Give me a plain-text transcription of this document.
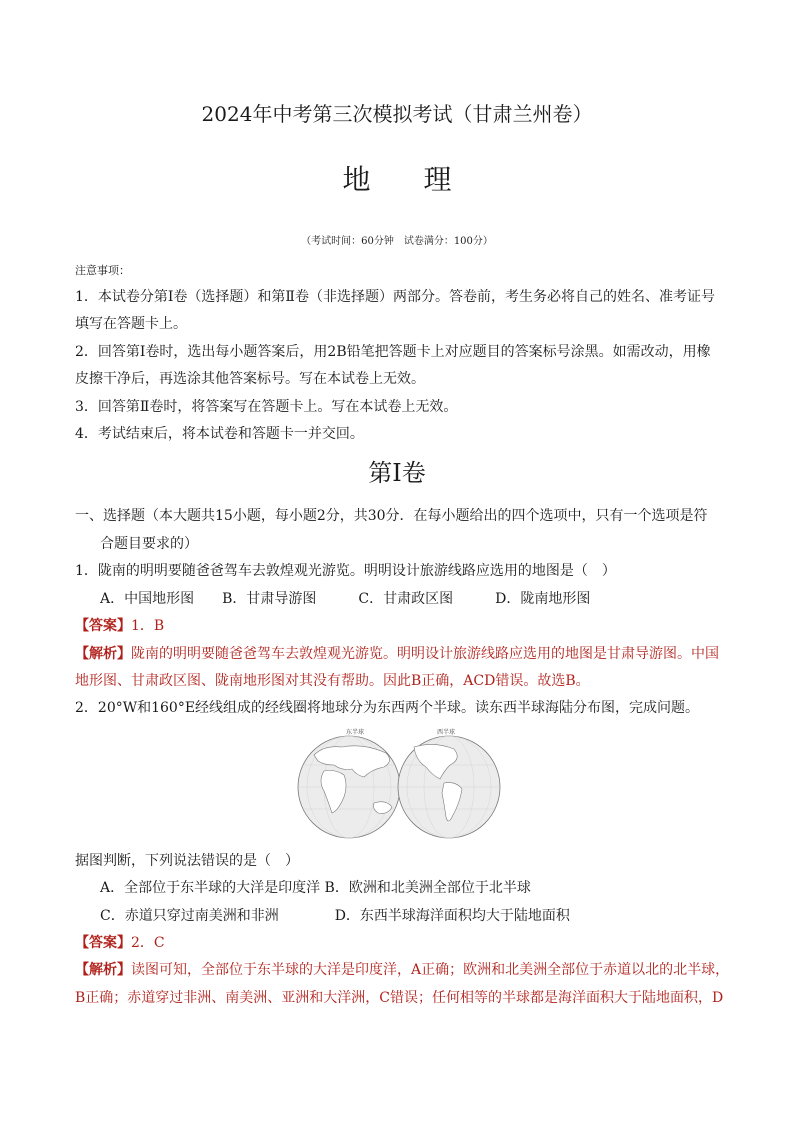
2024年中考第三次模拟考试（甘肃兰州卷）
地 理
（考试时间：60分钟　试卷满分：100分）
注意事项：
1．本试卷分第Ⅰ卷（选择题）和第Ⅱ卷（非选择题）两部分。答卷前，考生务必将自己的姓名、准考证号
填写在答题卡上。
2．回答第Ⅰ卷时，选出每小题答案后，用2B铅笔把答题卡上对应题目的答案标号涂黑。如需改动，用橡
皮擦干净后，再选涂其他答案标号。写在本试卷上无效。
3．回答第Ⅱ卷时，将答案写在答题卡上。写在本试卷上无效。
4．考试结束后，将本试卷和答题卡一并交回。
第Ⅰ卷
一、选择题（本大题共15小题，每小题2分，共30分．在每小题给出的四个选项中，只有一个选项是符
合题目要求的）
1．陇南的明明要随爸爸驾车去敦煌观光游览。明明设计旅游线路应选用的地图是（　）
A．中国地形图　　B．甘肃导游图　　　C．甘肃政区图　　　D．陇南地形图
【答案】1．B
【解析】陇南的明明要随爸爸驾车去敦煌观光游览。明明设计旅游线路应选用的地图是甘肃导游图。中国
地形图、甘肃政区图、陇南地形图对其没有帮助。因此B正确，ACD错误。故选B。
2．20°W和160°E经线组成的经线圈将地球分为东西两个半球。读东西半球海陆分布图，完成问题。
东半球	西半球
据图判断，下列说法错误的是（　）
A．全部位于东半球的大洋是印度洋 B．欧洲和北美洲全部位于北半球
C．赤道只穿过南美洲和非洲　　　　D．东西半球海洋面积均大于陆地面积
【答案】2．C
【解析】读图可知，全部位于东半球的大洋是印度洋，A正确；欧洲和北美洲全部位于赤道以北的北半球，
B正确；赤道穿过非洲、南美洲、亚洲和大洋洲，C错误；任何相等的半球都是海洋面积大于陆地面积，D
